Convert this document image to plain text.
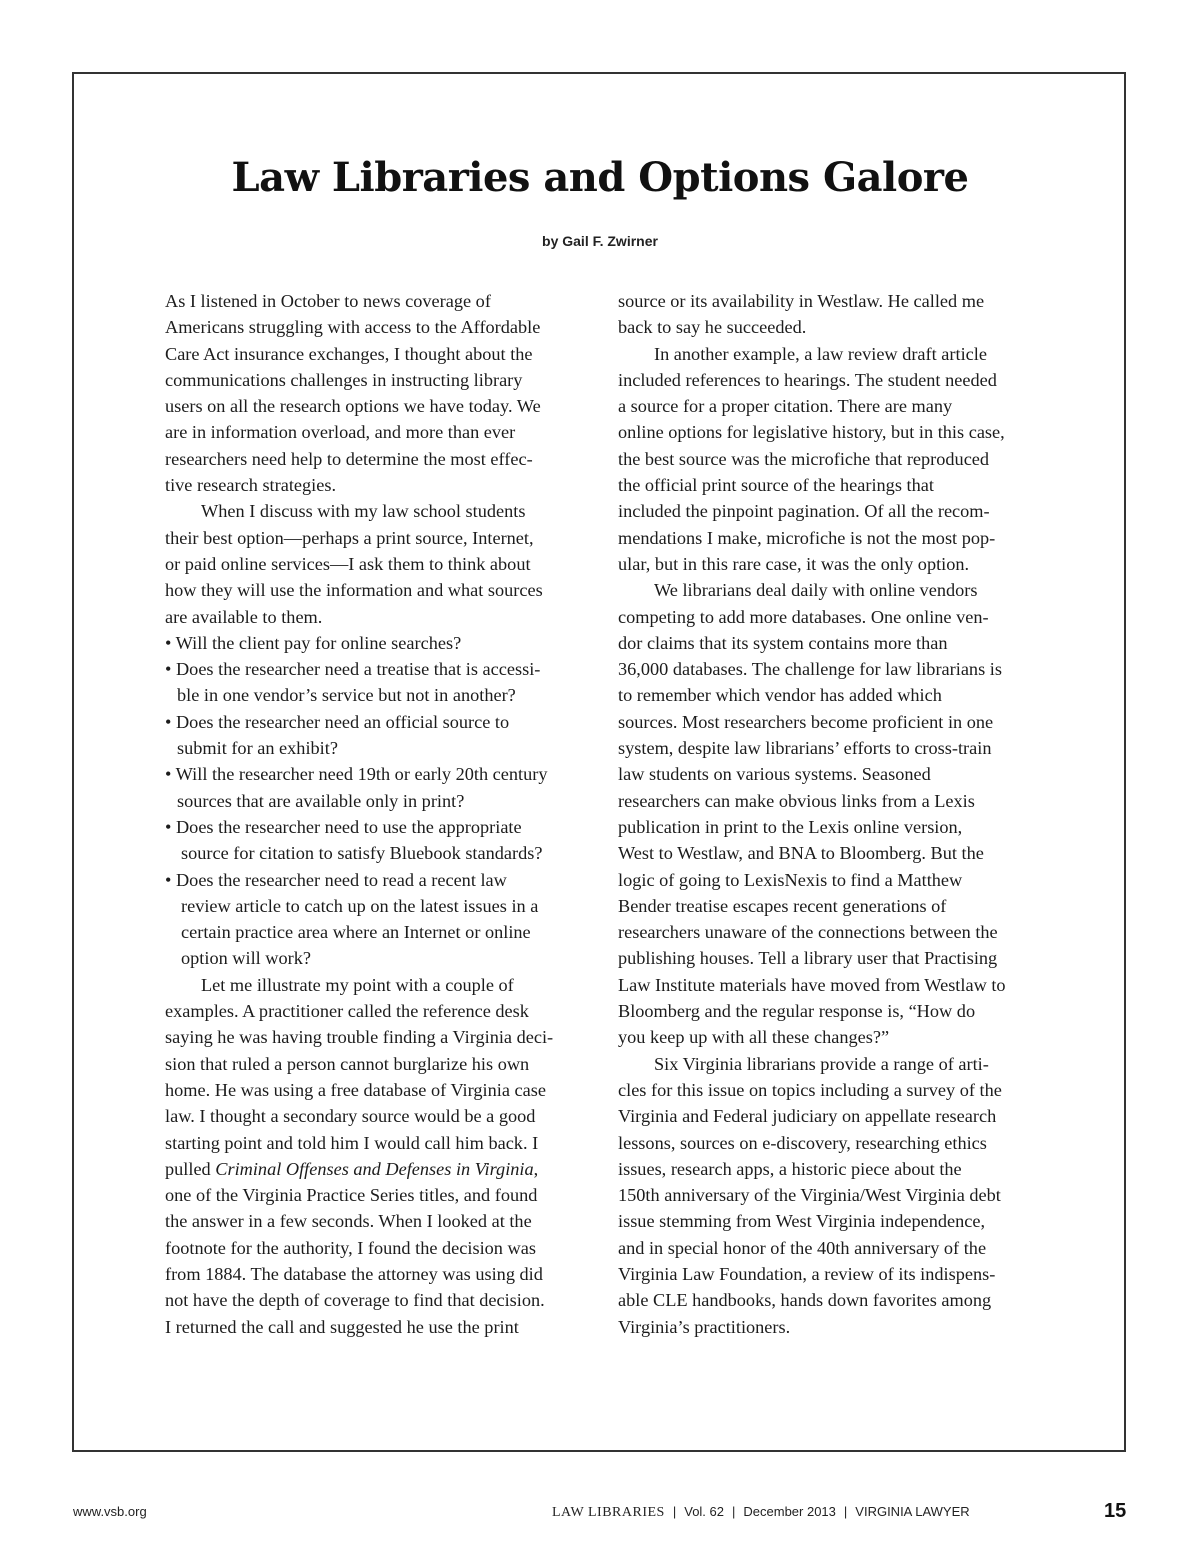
Law Libraries and Options Galore
by Gail F. Zwirner
As I listened in October to news coverage of
Americans struggling with access to the Affordable
Care Act insurance exchanges, I thought about the
communications challenges in instructing library
users on all the research options we have today. We
are in information overload, and more than ever
researchers need help to determine the most effec-
tive research strategies.
When I discuss with my law school students
their best option—perhaps a print source, Internet,
or paid online services—I ask them to think about
how they will use the information and what sources
are available to them.
• Will the client pay for online searches?
• Does the researcher need a treatise that is accessi-
ble in one vendor’s service but not in another?
• Does the researcher need an official source to
submit for an exhibit?
• Will the researcher need 19th or early 20th century
sources that are available only in print?
• Does the researcher need to use the appropriate
source for citation to satisfy Bluebook standards?
• Does the researcher need to read a recent law
review article to catch up on the latest issues in a
certain practice area where an Internet or online
option will work?
Let me illustrate my point with a couple of
examples. A practitioner called the reference desk
saying he was having trouble finding a Virginia deci-
sion that ruled a person cannot burglarize his own
home. He was using a free database of Virginia case
law. I thought a secondary source would be a good
starting point and told him I would call him back. I
pulled Criminal Offenses and Defenses in Virginia,
one of the Virginia Practice Series titles, and found
the answer in a few seconds. When I looked at the
footnote for the authority, I found the decision was
from 1884. The database the attorney was using did
not have the depth of coverage to find that decision.
I returned the call and suggested he use the print
source or its availability in Westlaw. He called me
back to say he succeeded.
In another example, a law review draft article
included references to hearings. The student needed
a source for a proper citation. There are many
online options for legislative history, but in this case,
the best source was the microfiche that reproduced
the official print source of the hearings that
included the pinpoint pagination. Of all the recom-
mendations I make, microfiche is not the most pop-
ular, but in this rare case, it was the only option.
We librarians deal daily with online vendors
competing to add more databases. One online ven-
dor claims that its system contains more than
36,000 databases. The challenge for law librarians is
to remember which vendor has added which
sources. Most researchers become proficient in one
system, despite law librarians’ efforts to cross-train
law students on various systems. Seasoned
researchers can make obvious links from a Lexis
publication in print to the Lexis online version,
West to Westlaw, and BNA to Bloomberg. But the
logic of going to LexisNexis to find a Matthew
Bender treatise escapes recent generations of
researchers unaware of the connections between the
publishing houses. Tell a library user that Practising
Law Institute materials have moved from Westlaw to
Bloomberg and the regular response is, “How do
you keep up with all these changes?”
Six Virginia librarians provide a range of arti-
cles for this issue on topics including a survey of the
Virginia and Federal judiciary on appellate research
lessons, sources on e-discovery, researching ethics
issues, research apps, a historic piece about the
150th anniversary of the Virginia/West Virginia debt
issue stemming from West Virginia independence,
and in special honor of the 40th anniversary of the
Virginia Law Foundation, a review of its indispens-
able CLE handbooks, hands down favorites among
Virginia’s practitioners.
www.vsb.org	LAW LIBRARIES | Vol. 62 | December 2013 | VIRGINIA LAWYER	15
